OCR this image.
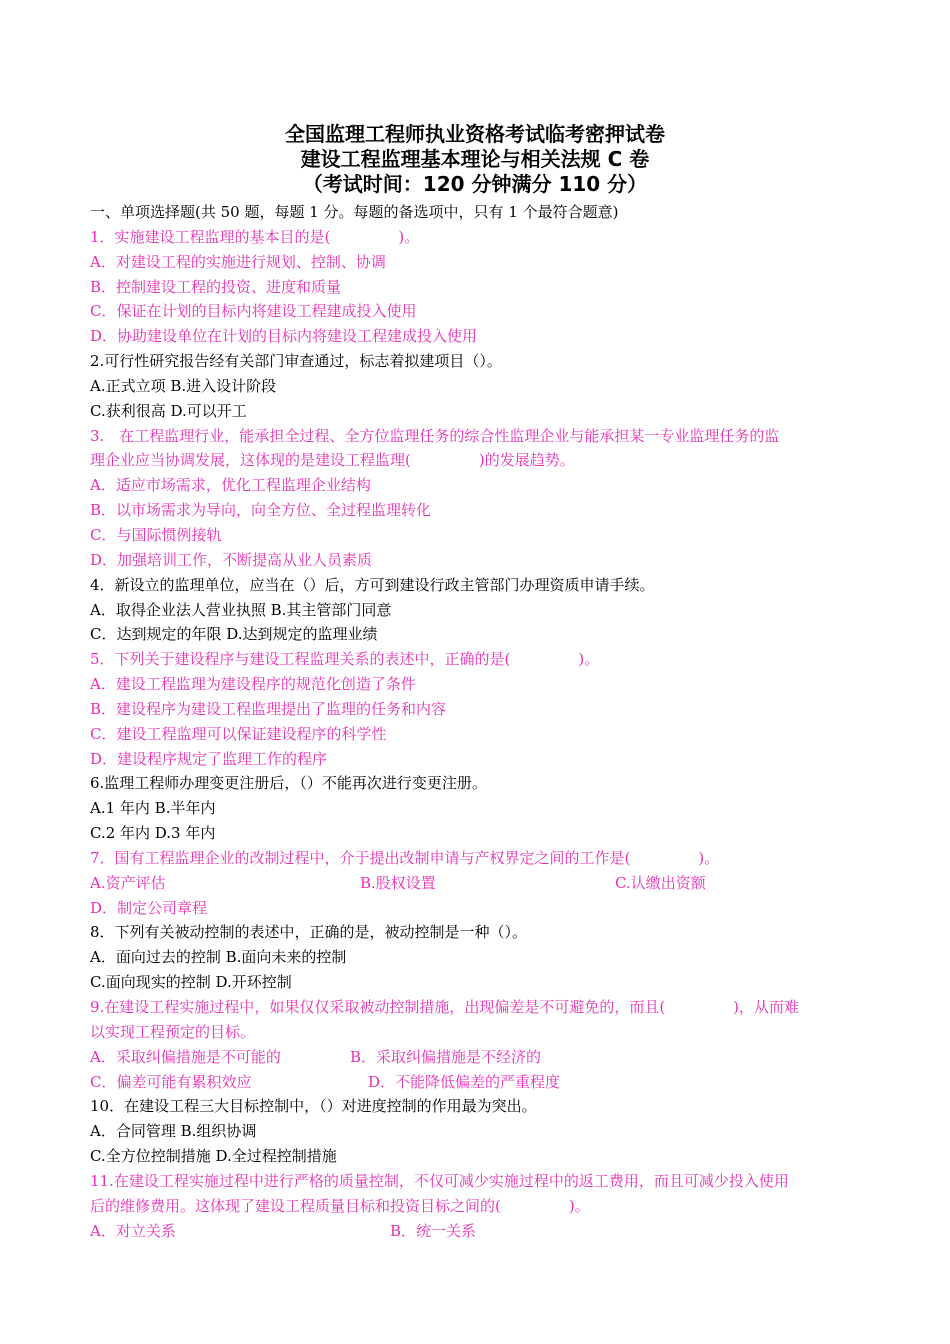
全国监理工程师执业资格考试临考密押试卷
建设工程监理基本理论与相关法规 C 卷
（考试时间：120 分钟满分 110 分）
一、单项选择题(共 50 题，每题 1 分。每题的备选项中，只有 1 个最符合题意)
1．实施建设工程监理的基本目的是(	)。
A．对建设工程的实施进行规划、控制、协调
B．控制建设工程的投资、进度和质量
C．保证在计划的目标内将建设工程建成投入使用
D．协助建设单位在计划的目标内将建设工程建成投入使用
2.可行性研究报告经有关部门审查通过，标志着拟建项目（）。
A.正式立项 B.进入设计阶段
C.获利很高 D.可以开工
3.　在工程监理行业，能承担全过程、全方位监理任务的综合性监理企业与能承担某一专业监理任务的监
理企业应当协调发展，这体现的是建设工程监理(	)的发展趋势。
A．适应市场需求，优化工程监理企业结构
B．以市场需求为导向，向全方位、全过程监理转化
C．与国际惯例接轨
D．加强培训工作，不断提高从业人员素质
4．新设立的监理单位，应当在（）后，方可到建设行政主管部门办理资质申请手续。
A．取得企业法人营业执照 B.其主管部门同意
C．达到规定的年限 D.达到规定的监理业绩
5．下列关于建设程序与建设工程监理关系的表述中，正确的是(	)。
A．建设工程监理为建设程序的规范化创造了条件
B．建设程序为建设工程监理提出了监理的任务和内容
C．建设工程监理可以保证建设程序的科学性
D．建设程序规定了监理工作的程序
6.监理工程师办理变更注册后，（）不能再次进行变更注册。
A.1 年内 B.半年内
C.2 年内 D.3 年内
7．国有工程监理企业的改制过程中，介于提出改制申请与产权界定之间的工作是(	)。
A.资产评估	B.股权设置	C.认缴出资额
D．制定公司章程
8．下列有关被动控制的表述中，正确的是，被动控制是一种（）。
A．面向过去的控制 B.面向未来的控制
C.面向现实的控制 D.开环控制
9.在建设工程实施过程中，如果仅仅采取被动控制措施，出现偏差是不可避免的，而且(	)，从而难
以实现工程预定的目标。
A．采取纠偏措施是不可能的	B．采取纠偏措施是不经济的
C．偏差可能有累积效应	D．不能降低偏差的严重程度
10．在建设工程三大目标控制中，（）对进度控制的作用最为突出。
A．合同管理 B.组织协调
C.全方位控制措施 D.全过程控制措施
11.在建设工程实施过程中进行严格的质量控制，不仅可减少实施过程中的返工费用，而且可减少投入使用
后的维修费用。这体现了建设工程质量目标和投资目标之间的(	)。
A．对立关系	B．统一关系
